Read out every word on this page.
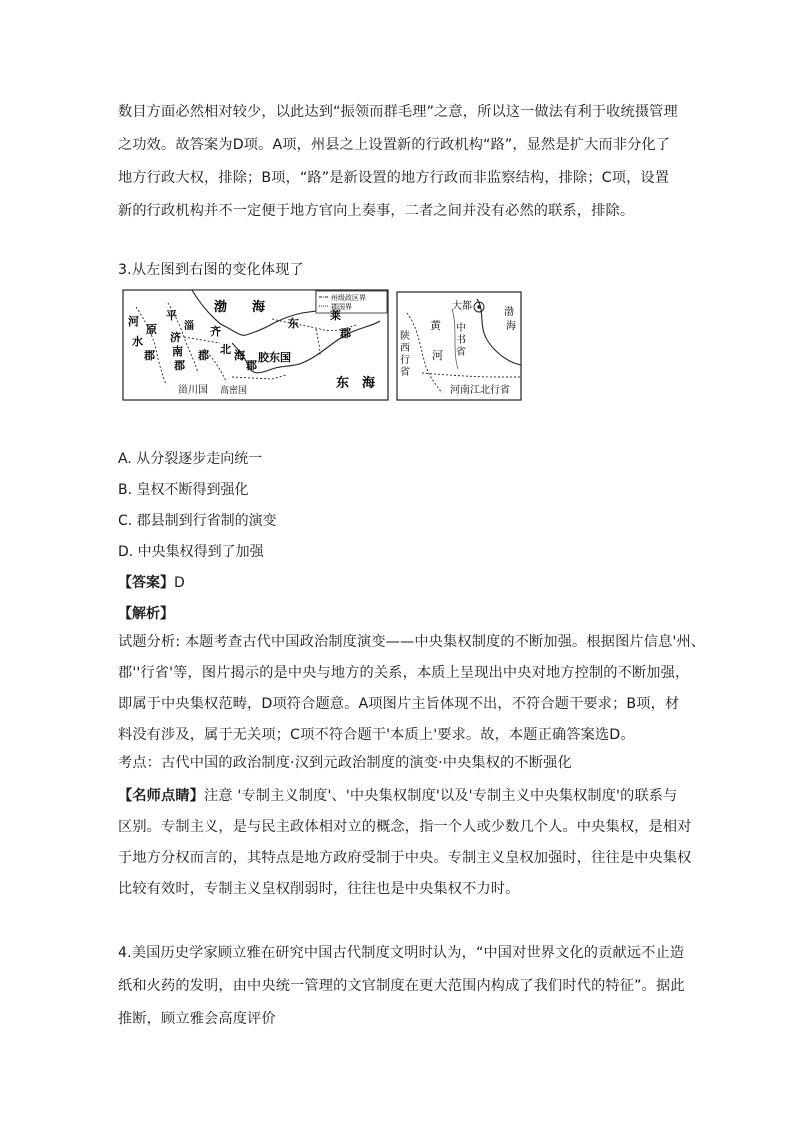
数目方面必然相对较少，以此达到“振领而群毛理”之意，所以这一做法有利于收统摄管理
之功效。故答案为D项。A项，州县之上设置新的行政机构“路”，显然是扩大而非分化了
地方行政大权，排除；B项，“路”是新设置的地方行政而非监察结构，排除；C项，设置
新的行政机构并不一定便于地方官向上奏事，二者之间并没有必然的联系，排除。
3.从左图到右图的变化体现了
州级政区界
郡国界
渤 海
河
原
水
郡
平
济
南
郡
淄
郡
齐
北 海
郡
胶东国
东
莱
郡
东 海
甾川国 高密国
大都
渤
海
黄
河
中
书
省
陕
西
行
省
河南江北行省
A. 从分裂逐步走向统一
B. 皇权不断得到强化
C. 郡县制到行省制的演变
D. 中央集权得到了加强
【答案】D
【解析】
试题分析: 本题考查古代中国政治制度演变——中央集权制度的不断加强。根据图片信息'州、
郡''行省'等，图片揭示的是中央与地方的关系，本质上呈现出中央对地方控制的不断加强，
即属于中央集权范畴，D项符合题意。A项图片主旨体现不出，不符合题干要求；B项，材
料没有涉及，属于无关项；C项不符合题干'本质上'要求。故，本题正确答案选D。
考点：古代中国的政治制度·汉到元政治制度的演变·中央集权的不断强化
【名师点睛】注意 '专制主义制度'、'中央集权制度'以及'专制主义中央集权制度'的联系与
区别。专制主义，是与民主政体相对立的概念，指一个人或少数几个人。中央集权，是相对
于地方分权而言的，其特点是地方政府受制于中央。专制主义皇权加强时，往往是中央集权
比较有效时，专制主义皇权削弱时，往往也是中央集权不力时。
4.美国历史学家顾立雅在研究中国古代制度文明时认为，“中国对世界文化的贡献远不止造
纸和火药的发明，由中央统一管理的文官制度在更大范围内构成了我们时代的特征”。据此
推断，顾立雅会高度评价
